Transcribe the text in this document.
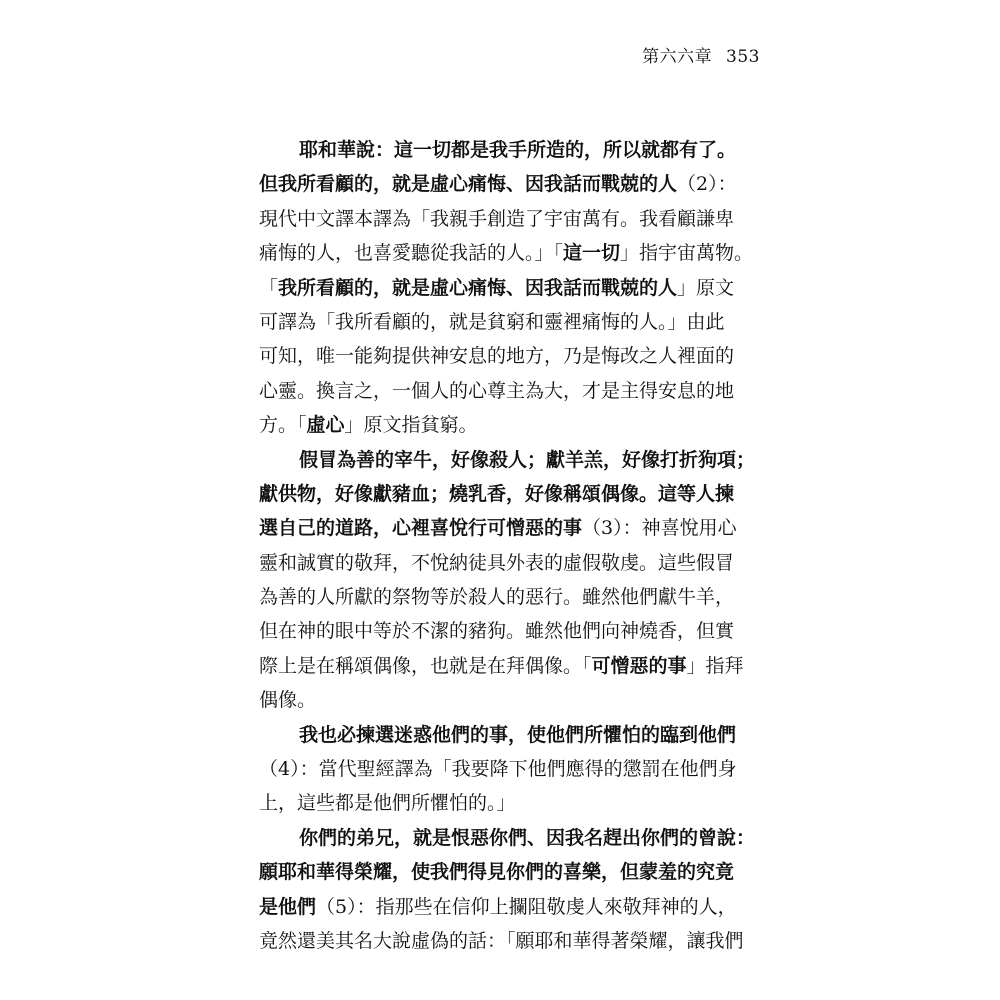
第六六章 353
耶和華說：這一切都是我手所造的，所以就都有了。
但我所看顧的，就是虛心痛悔、因我話而戰兢的人（2）：
現代中文譯本譯為「我親手創造了宇宙萬有。我看顧謙卑
痛悔的人，也喜愛聽從我話的人。」「這一切」指宇宙萬物。
「我所看顧的，就是虛心痛悔、因我話而戰兢的人」原文
可譯為「我所看顧的，就是貧窮和靈裡痛悔的人。」由此
可知，唯一能夠提供神安息的地方，乃是悔改之人裡面的
心靈。換言之，一個人的心尊主為大，才是主得安息的地
方。「虛心」原文指貧窮。
假冒為善的宰牛，好像殺人；獻羊羔，好像打折狗項；
獻供物，好像獻豬血；燒乳香，好像稱頌偶像。這等人揀
選自己的道路，心裡喜悅行可憎惡的事（3）：神喜悅用心
靈和誠實的敬拜，不悅納徒具外表的虛假敬虔。這些假冒
為善的人所獻的祭物等於殺人的惡行。雖然他們獻牛羊，
但在神的眼中等於不潔的豬狗。雖然他們向神燒香，但實
際上是在稱頌偶像，也就是在拜偶像。「可憎惡的事」指拜
偶像。
我也必揀選迷惑他們的事，使他們所懼怕的臨到他們
（4）：當代聖經譯為「我要降下他們應得的懲罰在他們身
上，這些都是他們所懼怕的。」
你們的弟兄，就是恨惡你們、因我名趕出你們的曾說：
願耶和華得榮耀，使我們得見你們的喜樂，但蒙羞的究竟
是他們（5）：指那些在信仰上攔阻敬虔人來敬拜神的人，
竟然還美其名大說虛偽的話：「願耶和華得著榮耀，讓我們
